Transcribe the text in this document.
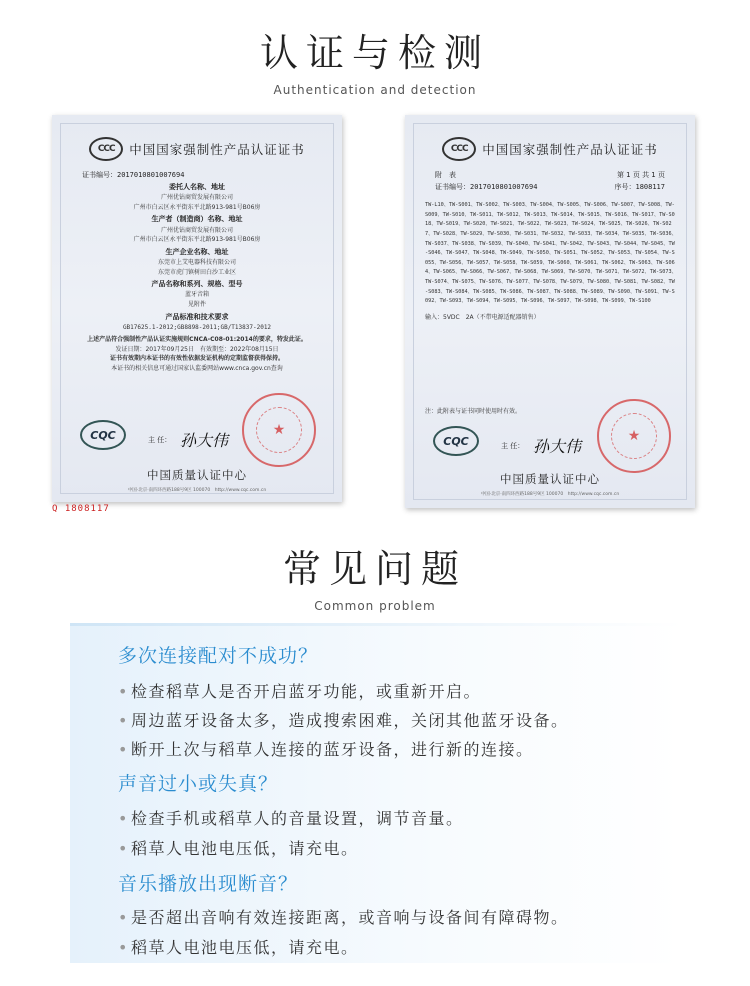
认证与检测
Authentication and detection
CCC	中国国家强制性产品认证证书
证书编号：2017010801007694
委托人名称、地址
广州优钻商贸发展有限公司
广州市白云区永平街东平北路913-981号B06房
生产者（制造商）名称、地址
广州优钻商贸发展有限公司
广州市白云区永平街东平北路913-981号B06房
生产企业名称、地址
东莞市上艾电器科技有限公司
东莞市虎门镇树田白沙工业区
产品名称和系列、规格、型号
蓝牙音箱
见附件
产品标准和技术要求
GB17625.1-2012;GB8898-2011;GB/T13837-2012
上述产品符合强制性产品认证实施规则CNCA-C08-01:2014的要求，特发此证。
发证日期：2017年09月25日　有效期至：2022年08月15日
证书有效期内本证书的有效性依据发证机构的定期监督获得保持。
本证书的相关信息可通过国家认监委网站www.cnca.gov.cn查询
CQC	主 任： 孙大伟
★
中国质量认证中心
中国·北京·南四环西路188号9区 100070　http://www.cqc.com.cn
Q 1808117
CCC	中国国家强制性产品认证证书
附　表	第 1 页 共 1 页
证书编号：2017010801007694	序号：1808117
TW-L10、TW-S001、TW-S002、TW-S003、TW-S004、TW-S005、TW-S006、TW-S007、TW-S008、TW-S009、TW-S010、TW-S011、TW-S012、TW-S013、TW-S014、TW-S015、TW-S016、TW-S017、TW-S018、TW-S019、TW-S020、TW-S021、TW-S022、TW-S023、TW-S024、TW-S025、TW-S026、TW-S027、TW-S028、TW-S029、TW-S030、TW-S031、TW-S032、TW-S033、TW-S034、TW-S035、TW-S036、TW-S037、TW-S038、TW-S039、TW-S040、TW-S041、TW-S042、TW-S043、TW-S044、TW-S045、TW-S046、TW-S047、TW-S048、TW-S049、TW-S050、TW-S051、TW-S052、TW-S053、TW-S054、TW-S055、TW-S056、TW-S057、TW-S058、TW-S059、TW-S060、TW-S061、TW-S062、TW-S063、TW-S064、TW-S065、TW-S066、TW-S067、TW-S068、TW-S069、TW-S070、TW-S071、TW-S072、TW-S073、TW-S074、TW-S075、TW-S076、TW-S077、TW-S078、TW-S079、TW-S080、TW-S081、TW-S082、TW-S083、TW-S084、TW-S085、TW-S086、TW-S087、TW-S088、TW-S089、TW-S090、TW-S091、TW-S092、TW-S093、TW-S094、TW-S095、TW-S096、TW-S097、TW-S098、TW-S099、TW-S100
输入：5VDC　2A（不带电源适配器销售）
注：此附表与证书同时使用时有效。
CQC	主 任： 孙大伟
★
中国质量认证中心
中国·北京·南四环西路188号9区 100070　http://www.cqc.com.cn
常见问题
Common problem
多次连接配对不成功？
• 检查稻草人是否开启蓝牙功能，或重新开启。
• 周边蓝牙设备太多，造成搜索困难，关闭其他蓝牙设备。
• 断开上次与稻草人连接的蓝牙设备，进行新的连接。
声音过小或失真？
• 检查手机或稻草人的音量设置，调节音量。
• 稻草人电池电压低，请充电。
音乐播放出现断音？
• 是否超出音响有效连接距离，或音响与设备间有障碍物。
• 稻草人电池电压低，请充电。
